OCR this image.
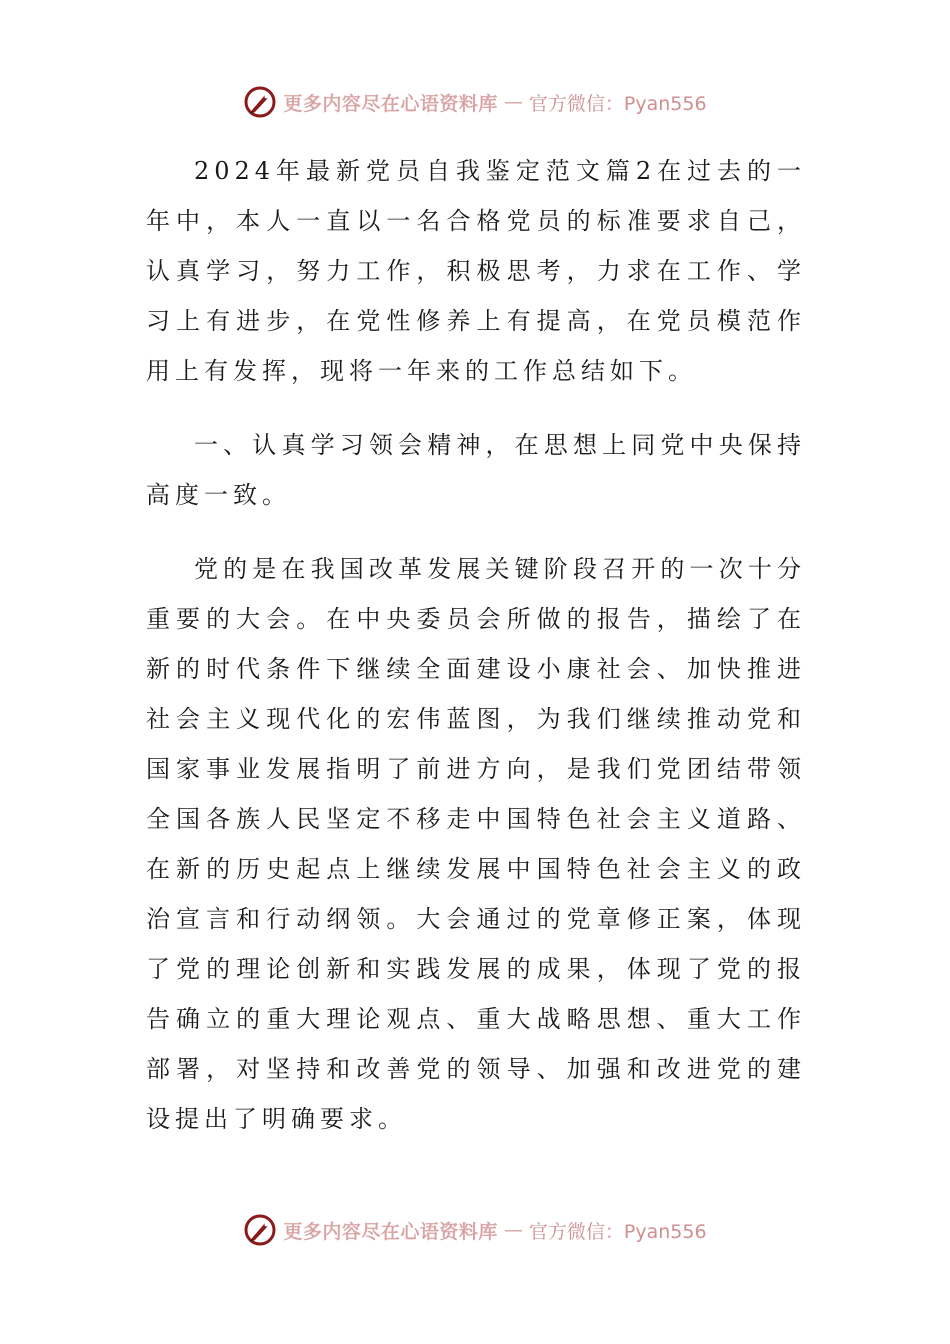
更多内容尽在心语资料库 — 官方微信：Pyan556

2024年最新党员自我鉴定范文篇2在过去的一年中，本人一直以一名合格党员的标准要求自己，认真学习，努力工作，积极思考，力求在工作、学习上有进步，在党性修养上有提高，在党员模范作用上有发挥，现将一年来的工作总结如下。

一、认真学习领会精神，在思想上同党中央保持高度一致。

党的是在我国改革发展关键阶段召开的一次十分重要的大会。在中央委员会所做的报告，描绘了在新的时代条件下继续全面建设小康社会、加快推进社会主义现代化的宏伟蓝图，为我们继续推动党和国家事业发展指明了前进方向，是我们党团结带领全国各族人民坚定不移走中国特色社会主义道路、在新的历史起点上继续发展中国特色社会主义的政治宣言和行动纲领。大会通过的党章修正案，体现了党的理论创新和实践发展的成果，体现了党的报告确立的重大理论观点、重大战略思想、重大工作部署，对坚持和改善党的领导、加强和改进党的建设提出了明确要求。

更多内容尽在心语资料库 — 官方微信：Pyan556
